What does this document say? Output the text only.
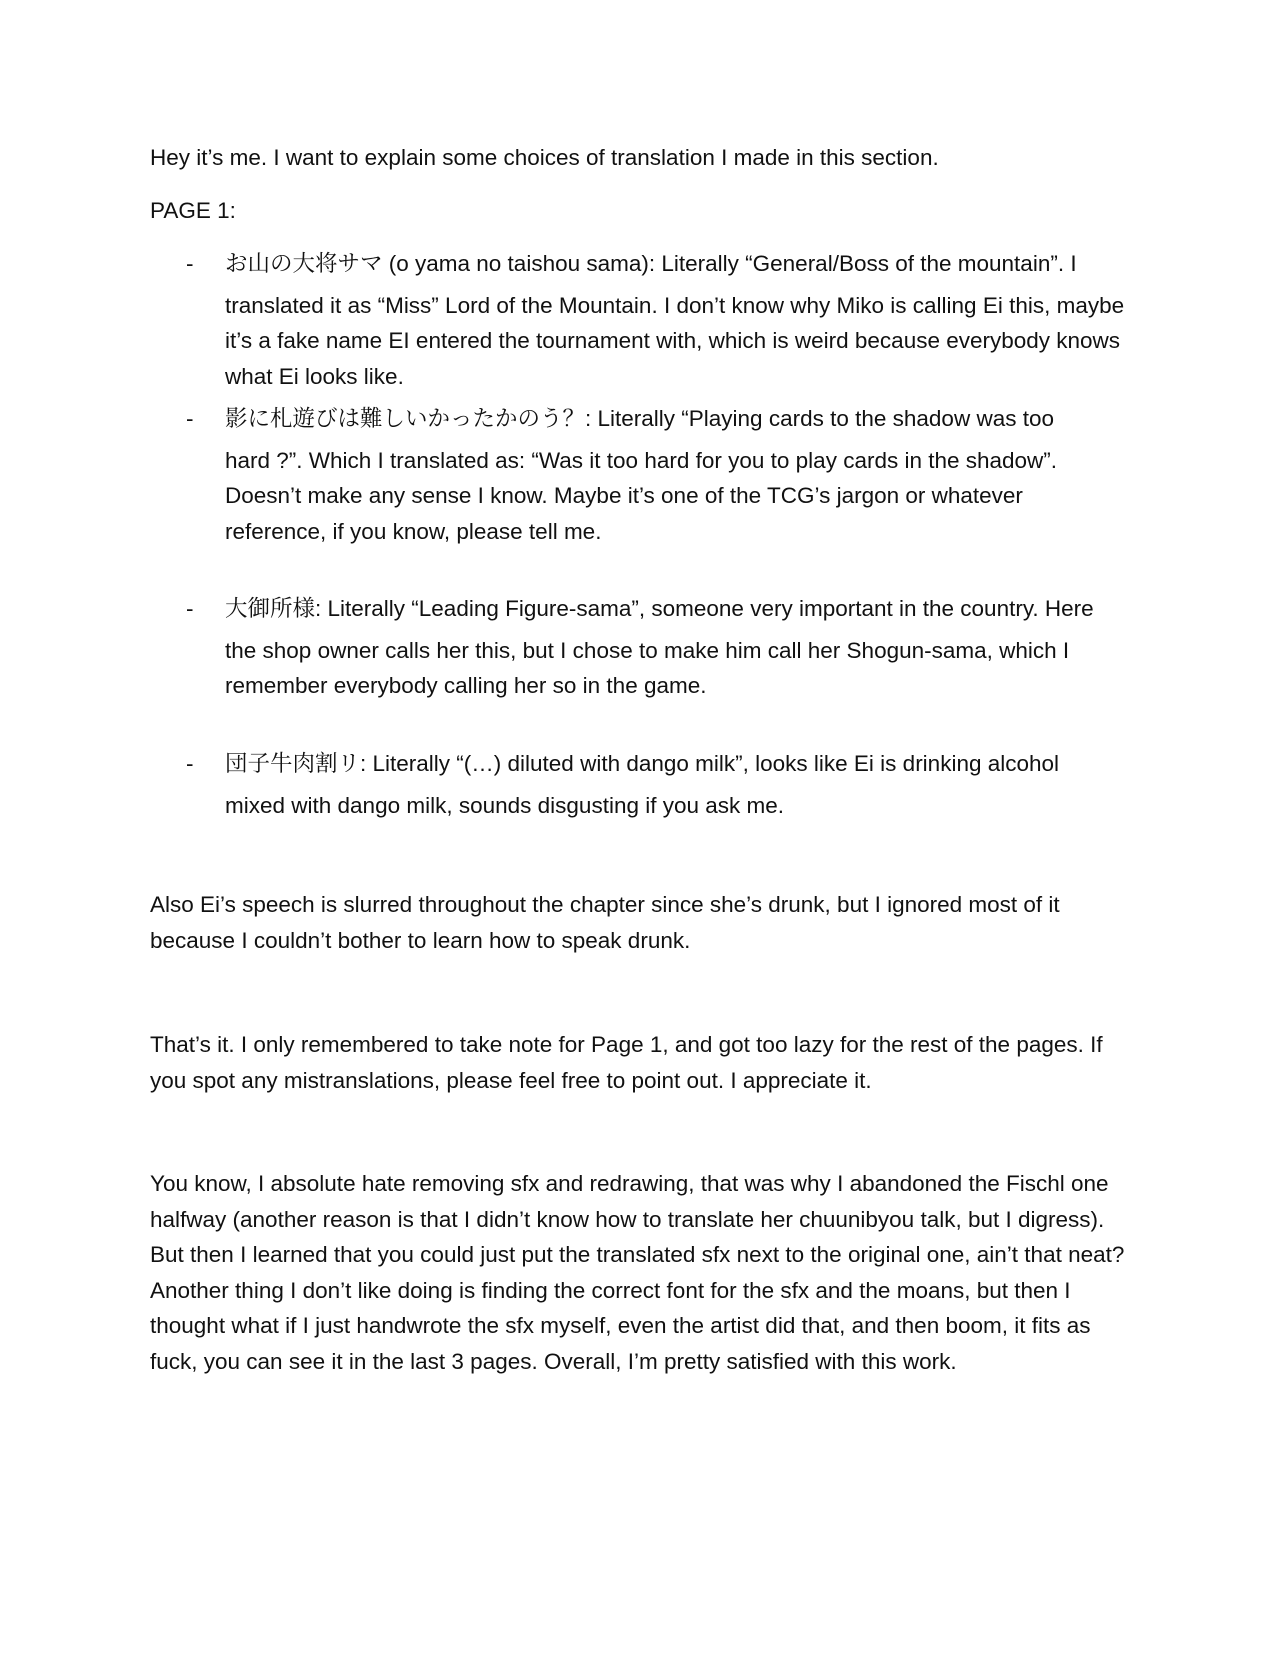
Hey it’s me. I want to explain some choices of translation I made in this section.

PAGE 1:

- お山の大将サマ (o yama no taishou sama): Literally “General/Boss of the mountain”. I
translated it as “Miss” Lord of the Mountain. I don’t know why Miko is calling Ei this, maybe it’s a fake name EI entered the tournament with, which is weird because everybody knows what Ei looks like.
- 影に札遊びは難しいかったかのう？: Literally “Playing cards to the shadow was too
hard ?”. Which I translated as: “Was it too hard for you to play cards in the shadow”. Doesn’t make any sense I know. Maybe it’s one of the TCG’s jargon or whatever reference, if you know, please tell me.
- 大御所様: Literally “Leading Figure-sama”, someone very important in the country. Here
the shop owner calls her this, but I chose to make him call her Shogun-sama, which I remember everybody calling her so in the game.
- 団子牛肉割リ: Literally “(…) diluted with dango milk”, looks like Ei is drinking alcohol
mixed with dango milk, sounds disgusting if you ask me.

Also Ei’s speech is slurred throughout the chapter since she’s drunk, but I ignored most of it because I couldn’t bother to learn how to speak drunk.

That’s it. I only remembered to take note for Page 1, and got too lazy for the rest of the pages. If you spot any mistranslations, please feel free to point out. I appreciate it.

You know, I absolute hate removing sfx and redrawing, that was why I abandoned the Fischl one halfway (another reason is that I didn’t know how to translate her chuunibyou talk, but I digress). But then I learned that you could just put the translated sfx next to the original one, ain’t that neat? Another thing I don’t like doing is finding the correct font for the sfx and the moans, but then I thought what if I just handwrote the sfx myself, even the artist did that, and then boom, it fits as fuck, you can see it in the last 3 pages. Overall, I’m pretty satisfied with this work.
